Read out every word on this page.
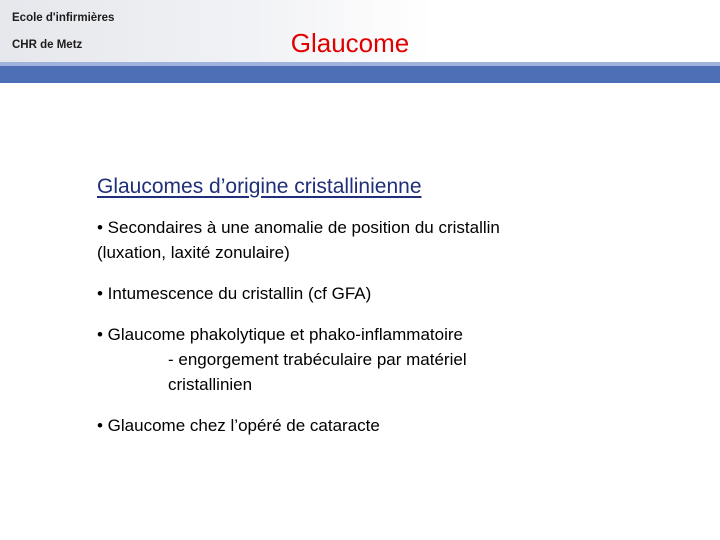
Ecole d'infirmières
CHR de Metz	Glaucome
Glaucomes d’origine cristallinienne
• Secondaires à une anomalie de position du cristallin
(luxation, laxité zonulaire)
• Intumescence du cristallin (cf GFA)
• Glaucome phakolytique et phako-inflammatoire
- engorgement trabéculaire par matériel
cristallinien
• Glaucome chez l’opéré de cataracte
